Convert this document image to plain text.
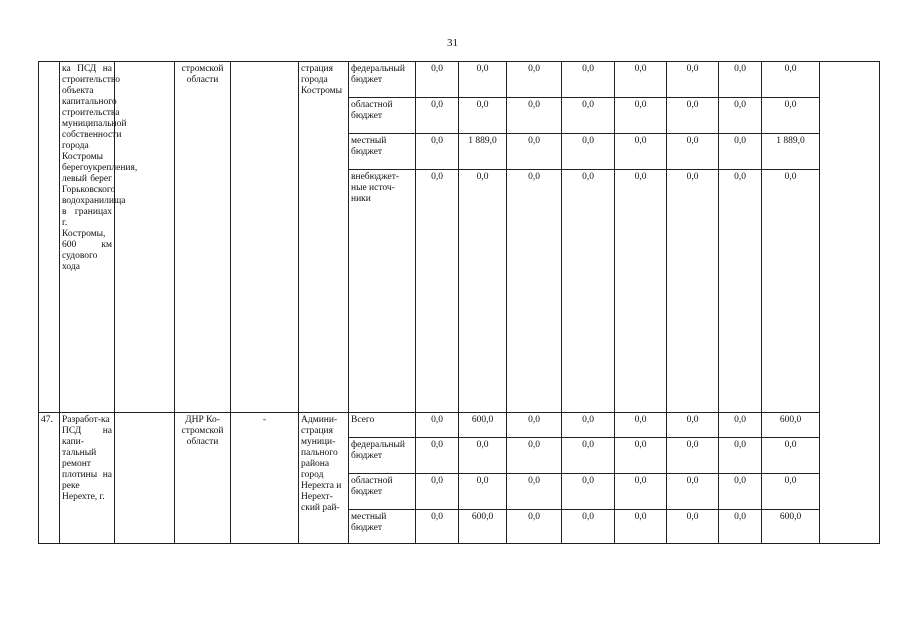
31
	ка ПСД на строительство объекта капитального строительства муниципальной собственности города Костромы берегоукрепления, левый берег Горьковского водохранилища в границах г. Костромы, 600 км судового хода		стромской области		страция города Костромы	федеральный бюджет	0,0	0,0	0,0	0,0	0,0	0,0	0,0	0,0	
						областной бюджет	0,0	0,0	0,0	0,0	0,0	0,0	0,0	0,0	
						местный бюджет	0,0	1 889,0	0,0	0,0	0,0	0,0	0,0	1 889,0	
						внебюджет-ные источ-ники	0,0	0,0	0,0	0,0	0,0	0,0	0,0	0,0	
47.	Разработ-ка ПСД на капи-тальный ремонт плотины на реке Нерехте, г.		ДНР Ко-стромской области	-	Админи-страция муници-пального района город Нерехта и Нерехт-ский рай-	Всего	0,0	600,0	0,0	0,0	0,0	0,0	0,0	600,0	
						федеральный бюджет	0,0	0,0	0,0	0,0	0,0	0,0	0,0	0,0	
						областной бюджет	0,0	0,0	0,0	0,0	0,0	0,0	0,0	0,0	
						местный бюджет	0,0	600,0	0,0	0,0	0,0	0,0	0,0	600,0	
